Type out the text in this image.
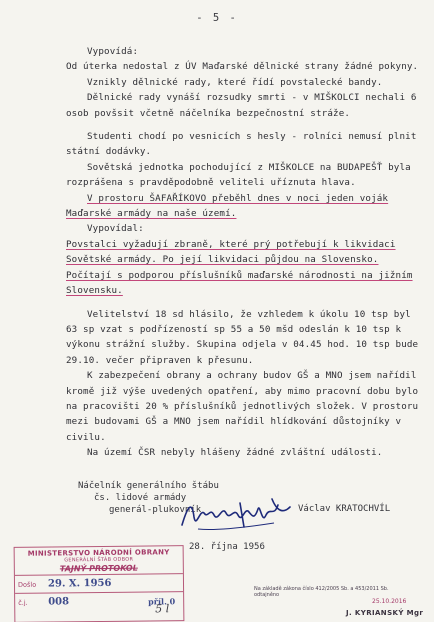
- 5 -

Vypovídá:

Od úterka nedostal z ÚV Maďarské dělnické strany žádné pokyny.

Vznikly dělnické rady, které řídí povstalecké bandy.

Dělnické rady vynáší rozsudky smrti - v MIŠKOLCI nechali 6 osob povšsit včetně náčelníka bezpečnostní stráže.

Studenti chodí po vesnicích s hesly - rolníci nemusí plnit státní dodávky.

Sovětská jednotka pochodující z MIŠKOLCE na BUDAPEŠŤ byla rozprášena s pravděpodobně veliteli uříznuta hlava.

V prostoru ŠAFAŘÍKOVO přeběhl dnes v noci jeden voják Maďarské armády na naše území.

Vypovídal:

Povstalci vyžadují zbraně, které prý potřebují k likvidaci Sovětské armády. Po její likvidaci půjdou na Slovensko. Počítají s podporou příslušníků maďarské národnosti na jižním Slovensku.

Velitelství 18 sd hlásilo, že vzhledem k úkolu 10 tsp byl 63 sp vzat s podřízeností sp 55 a 50 mšd odeslán k 10 tsp k výkonu strážní služby. Skupina odjela v 04.45 hod. 10 tsp bude 29.10. večer připraven k přesunu.

K zabezpečení obrany a ochrany budov GŠ a MNO jsem nařídil kromě již výše uvedených opatření, aby mimo pracovní dobu bylo na pracovišti 20 % příslušníků jednotlivých složek. V prostoru mezi budovami GŠ a MNO jsem nařídil hlídkování důstojníky v civilu.

Na území ČSR nebyly hlášeny žádné zvláštní události.

Náčelník generálního štábu
čs. lidové armády
generál-plukovník	Václav KRATOCHVÍL
28. října 1956
MINISTERSTVO NÁRODNÍ OBRANY
GENERÁLNÍ ŠTÁB ODBOR
TAJNÝ PROTOKOL
Došlo	29. X. 1956
č.j.	008	příl. 0
5 l
Na základě zákona číslo 412/2005 Sb. a 453/2011 Sb.
odtajněno
25.10.2016
J. KYRIANSKÝ Mgr
